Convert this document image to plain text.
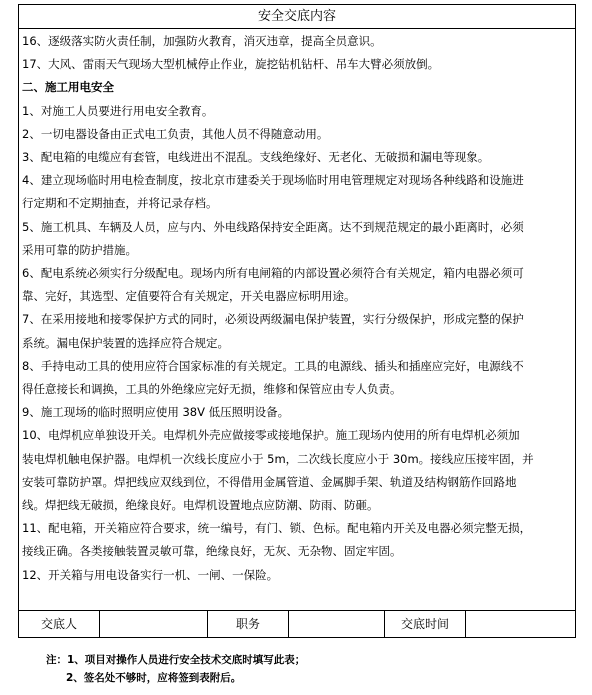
安全交底内容
16、逐级落实防火责任制，加强防火教育，消灭违章，提高全员意识。
17、大风、雷雨天气现场大型机械停止作业，旋挖钻机钻杆、吊车大臂必须放倒。
二、施工用电安全
1、对施工人员要进行用电安全教育。
2、一切电器设备由正式电工负责，其他人员不得随意动用。
3、配电箱的电缆应有套管，电线进出不混乱。支线绝缘好、无老化、无破损和漏电等现象。
4、建立现场临时用电检查制度，按北京市建委关于现场临时用电管理规定对现场各种线路和设施进
行定期和不定期抽查，并将记录存档。
5、施工机具、车辆及人员，应与内、外电线路保持安全距离。达不到规范规定的最小距离时，必须
采用可靠的防护措施。
6、配电系统必须实行分级配电。现场内所有电闸箱的内部设置必须符合有关规定，箱内电器必须可
靠、完好，其选型、定值要符合有关规定，开关电器应标明用途。
7、在采用接地和接零保护方式的同时，必须设两级漏电保护装置，实行分级保护，形成完整的保护
系统。漏电保护装置的选择应符合规定。
8、手持电动工具的使用应符合国家标准的有关规定。工具的电源线、插头和插座应完好，电源线不
得任意接长和调换，工具的外绝缘应完好无损，维修和保管应由专人负责。
9、施工现场的临时照明应使用 38V 低压照明设备。
10、电焊机应单独设开关。电焊机外壳应做接零或接地保护。施工现场内使用的所有电焊机必须加
装电焊机触电保护器。电焊机一次线长度应小于 5m，二次线长度应小于 30m。接线应压接牢固，并
安装可靠防护罩。焊把线应双线到位，不得借用金属管道、金属脚手架、轨道及结构钢筋作回路地
线。焊把线无破损，绝缘良好。电焊机设置地点应防潮、防雨、防砸。
11、配电箱，开关箱应符合要求，统一编号，有门、锁、色标。配电箱内开关及电器必须完整无损，
接线正确。各类接触装置灵敏可靠，绝缘良好，无灰、无杂物、固定牢固。
12、开关箱与用电设备实行一机、一闸、一保险。
交底人	职务	交底时间
注：1、项目对操作人员进行安全技术交底时填写此表；
2、签名处不够时，应将签到表附后。
